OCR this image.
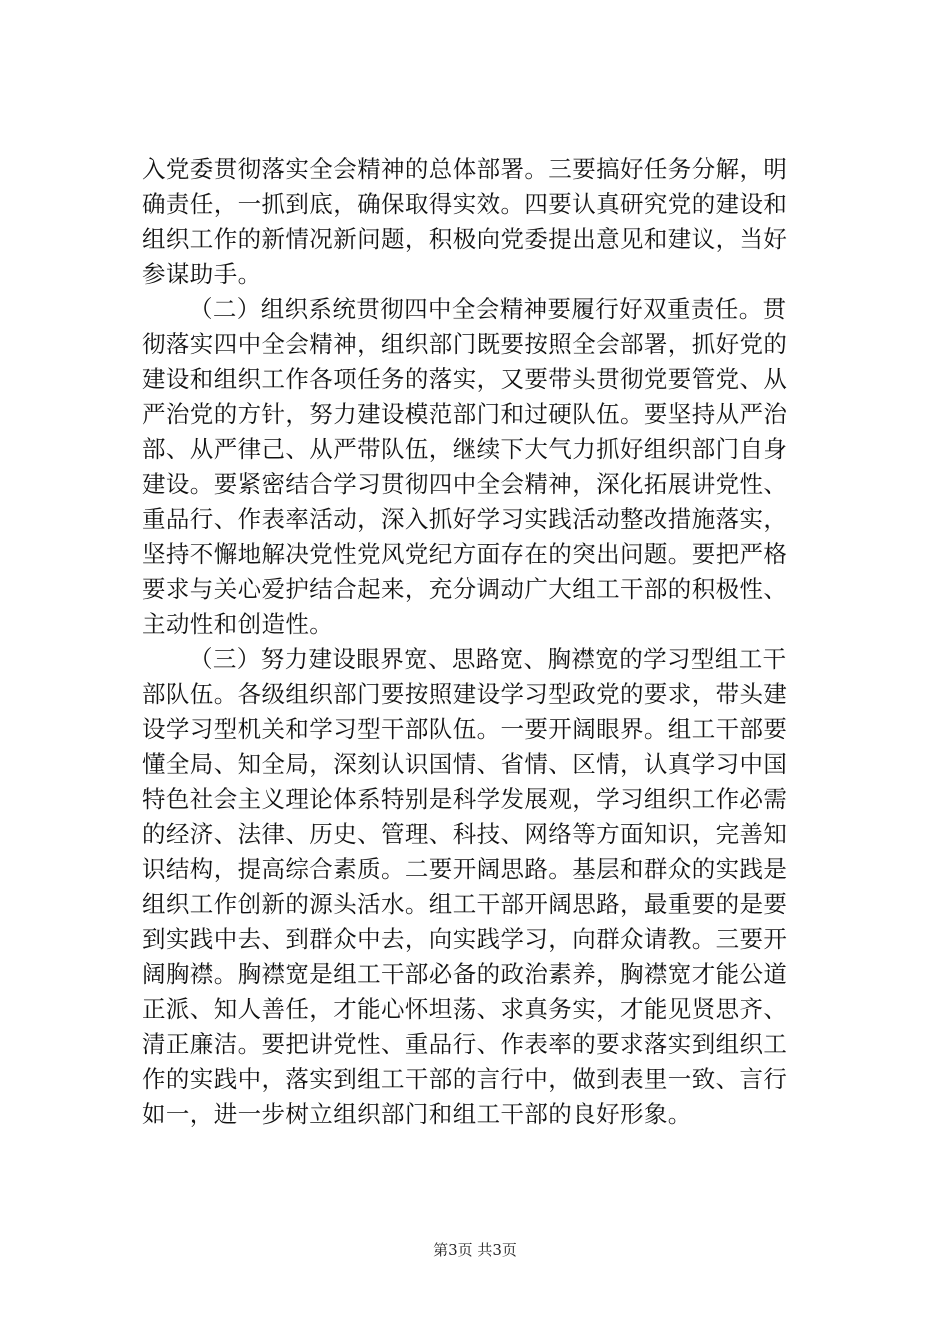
入党委贯彻落实全会精神的总体部署。三要搞好任务分解，明
确责任，一抓到底，确保取得实效。四要认真研究党的建设和
组织工作的新情况新问题，积极向党委提出意见和建议，当好
参谋助手。
（二）组织系统贯彻四中全会精神要履行好双重责任。贯
彻落实四中全会精神，组织部门既要按照全会部署，抓好党的
建设和组织工作各项任务的落实，又要带头贯彻党要管党、从
严治党的方针，努力建设模范部门和过硬队伍。要坚持从严治
部、从严律己、从严带队伍，继续下大气力抓好组织部门自身
建设。要紧密结合学习贯彻四中全会精神，深化拓展讲党性、
重品行、作表率活动，深入抓好学习实践活动整改措施落实，
坚持不懈地解决党性党风党纪方面存在的突出问题。要把严格
要求与关心爱护结合起来，充分调动广大组工干部的积极性、
主动性和创造性。
（三）努力建设眼界宽、思路宽、胸襟宽的学习型组工干
部队伍。各级组织部门要按照建设学习型政党的要求，带头建
设学习型机关和学习型干部队伍。一要开阔眼界。组工干部要
懂全局、知全局，深刻认识国情、省情、区情，认真学习中国
特色社会主义理论体系特别是科学发展观，学习组织工作必需
的经济、法律、历史、管理、科技、网络等方面知识，完善知
识结构，提高综合素质。二要开阔思路。基层和群众的实践是
组织工作创新的源头活水。组工干部开阔思路，最重要的是要
到实践中去、到群众中去，向实践学习，向群众请教。三要开
阔胸襟。胸襟宽是组工干部必备的政治素养，胸襟宽才能公道
正派、知人善任，才能心怀坦荡、求真务实，才能见贤思齐、
清正廉洁。要把讲党性、重品行、作表率的要求落实到组织工
作的实践中，落实到组工干部的言行中，做到表里一致、言行
如一，进一步树立组织部门和组工干部的良好形象。
第3页 共3页
